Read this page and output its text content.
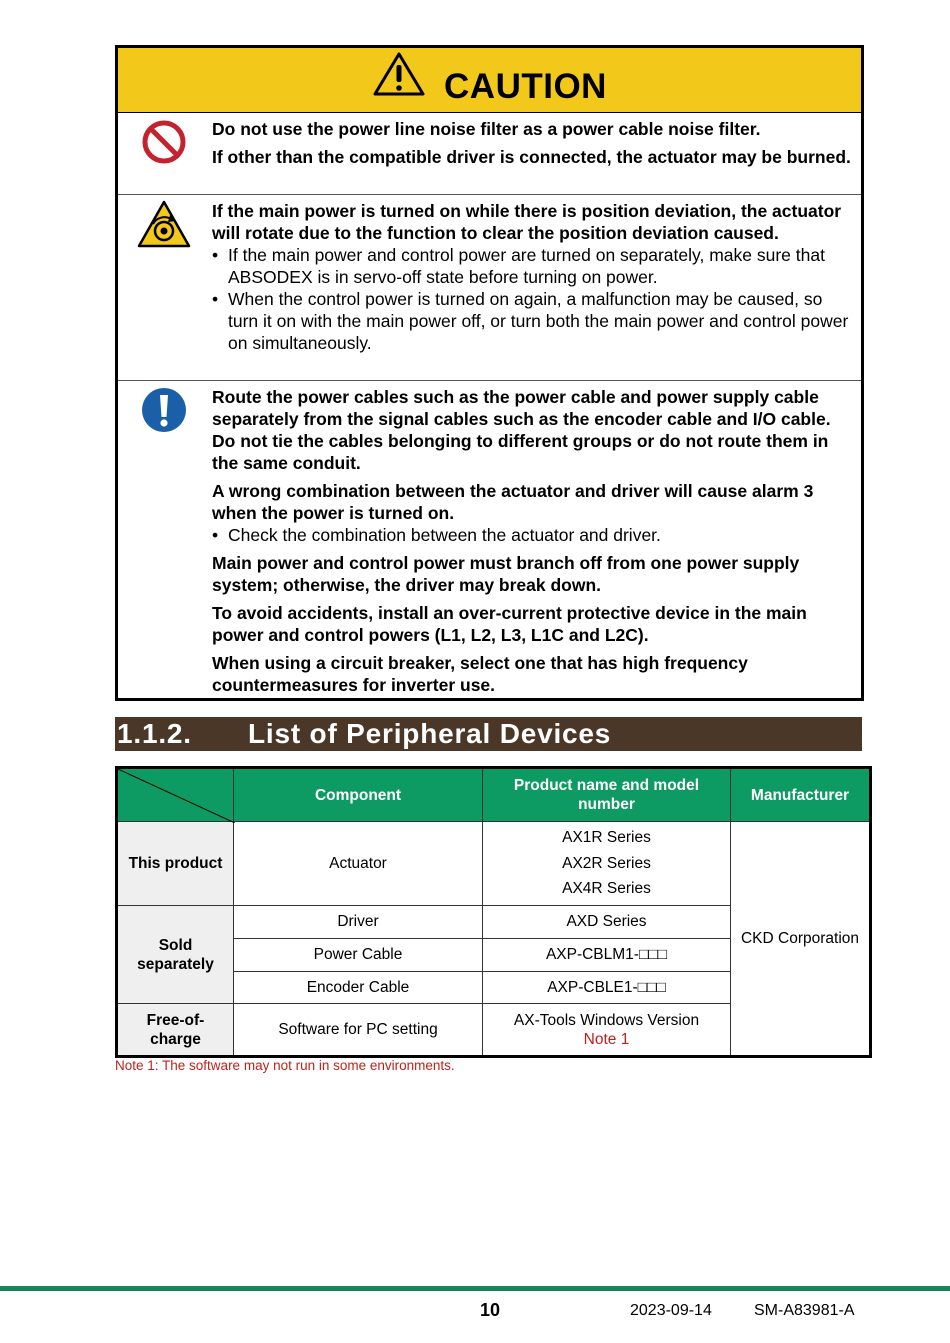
CAUTION

Do not use the power line noise filter as a power cable noise filter.

If other than the compatible driver is connected, the actuator may be burned.

If the main power is turned on while there is position deviation, the actuator will rotate due to the function to clear the position deviation caused.

• If the main power and control power are turned on separately, make sure that ABSODEX is in servo-off state before turning on power.
• When the control power is turned on again, a malfunction may be caused, so turn it on with the main power off, or turn both the main power and control power on simultaneously.

Route the power cables such as the power cable and power supply cable separately from the signal cables such as the encoder cable and I/O cable. Do not tie the cables belonging to different groups or do not route them in the same conduit.

A wrong combination between the actuator and driver will cause alarm 3 when the power is turned on.

• Check the combination between the actuator and driver.

Main power and control power must branch off from one power supply system; otherwise, the driver may break down.

To avoid accidents, install an over-current protective device in the main power and control powers (L1, L2, L3, L1C and L2C).

When using a circuit breaker, select one that has high frequency countermeasures for inverter use.

1.1.2.	List of Peripheral Devices
	Component	Product name and model number	Manufacturer
This product	Actuator	AX1R Series
AX2R Series
AX4R Series	CKD Corporation
Sold separately	Driver	AXD Series	
	Power Cable	AXP-CBLM1-□□□	
	Encoder Cable	AXP-CBLE1-□□□	
Free-of-charge	Software for PC setting	AX-Tools Windows Version
Note 1	
Note 1: The software may not run in some environments.
10	2023-09-14	SM-A83981-A
